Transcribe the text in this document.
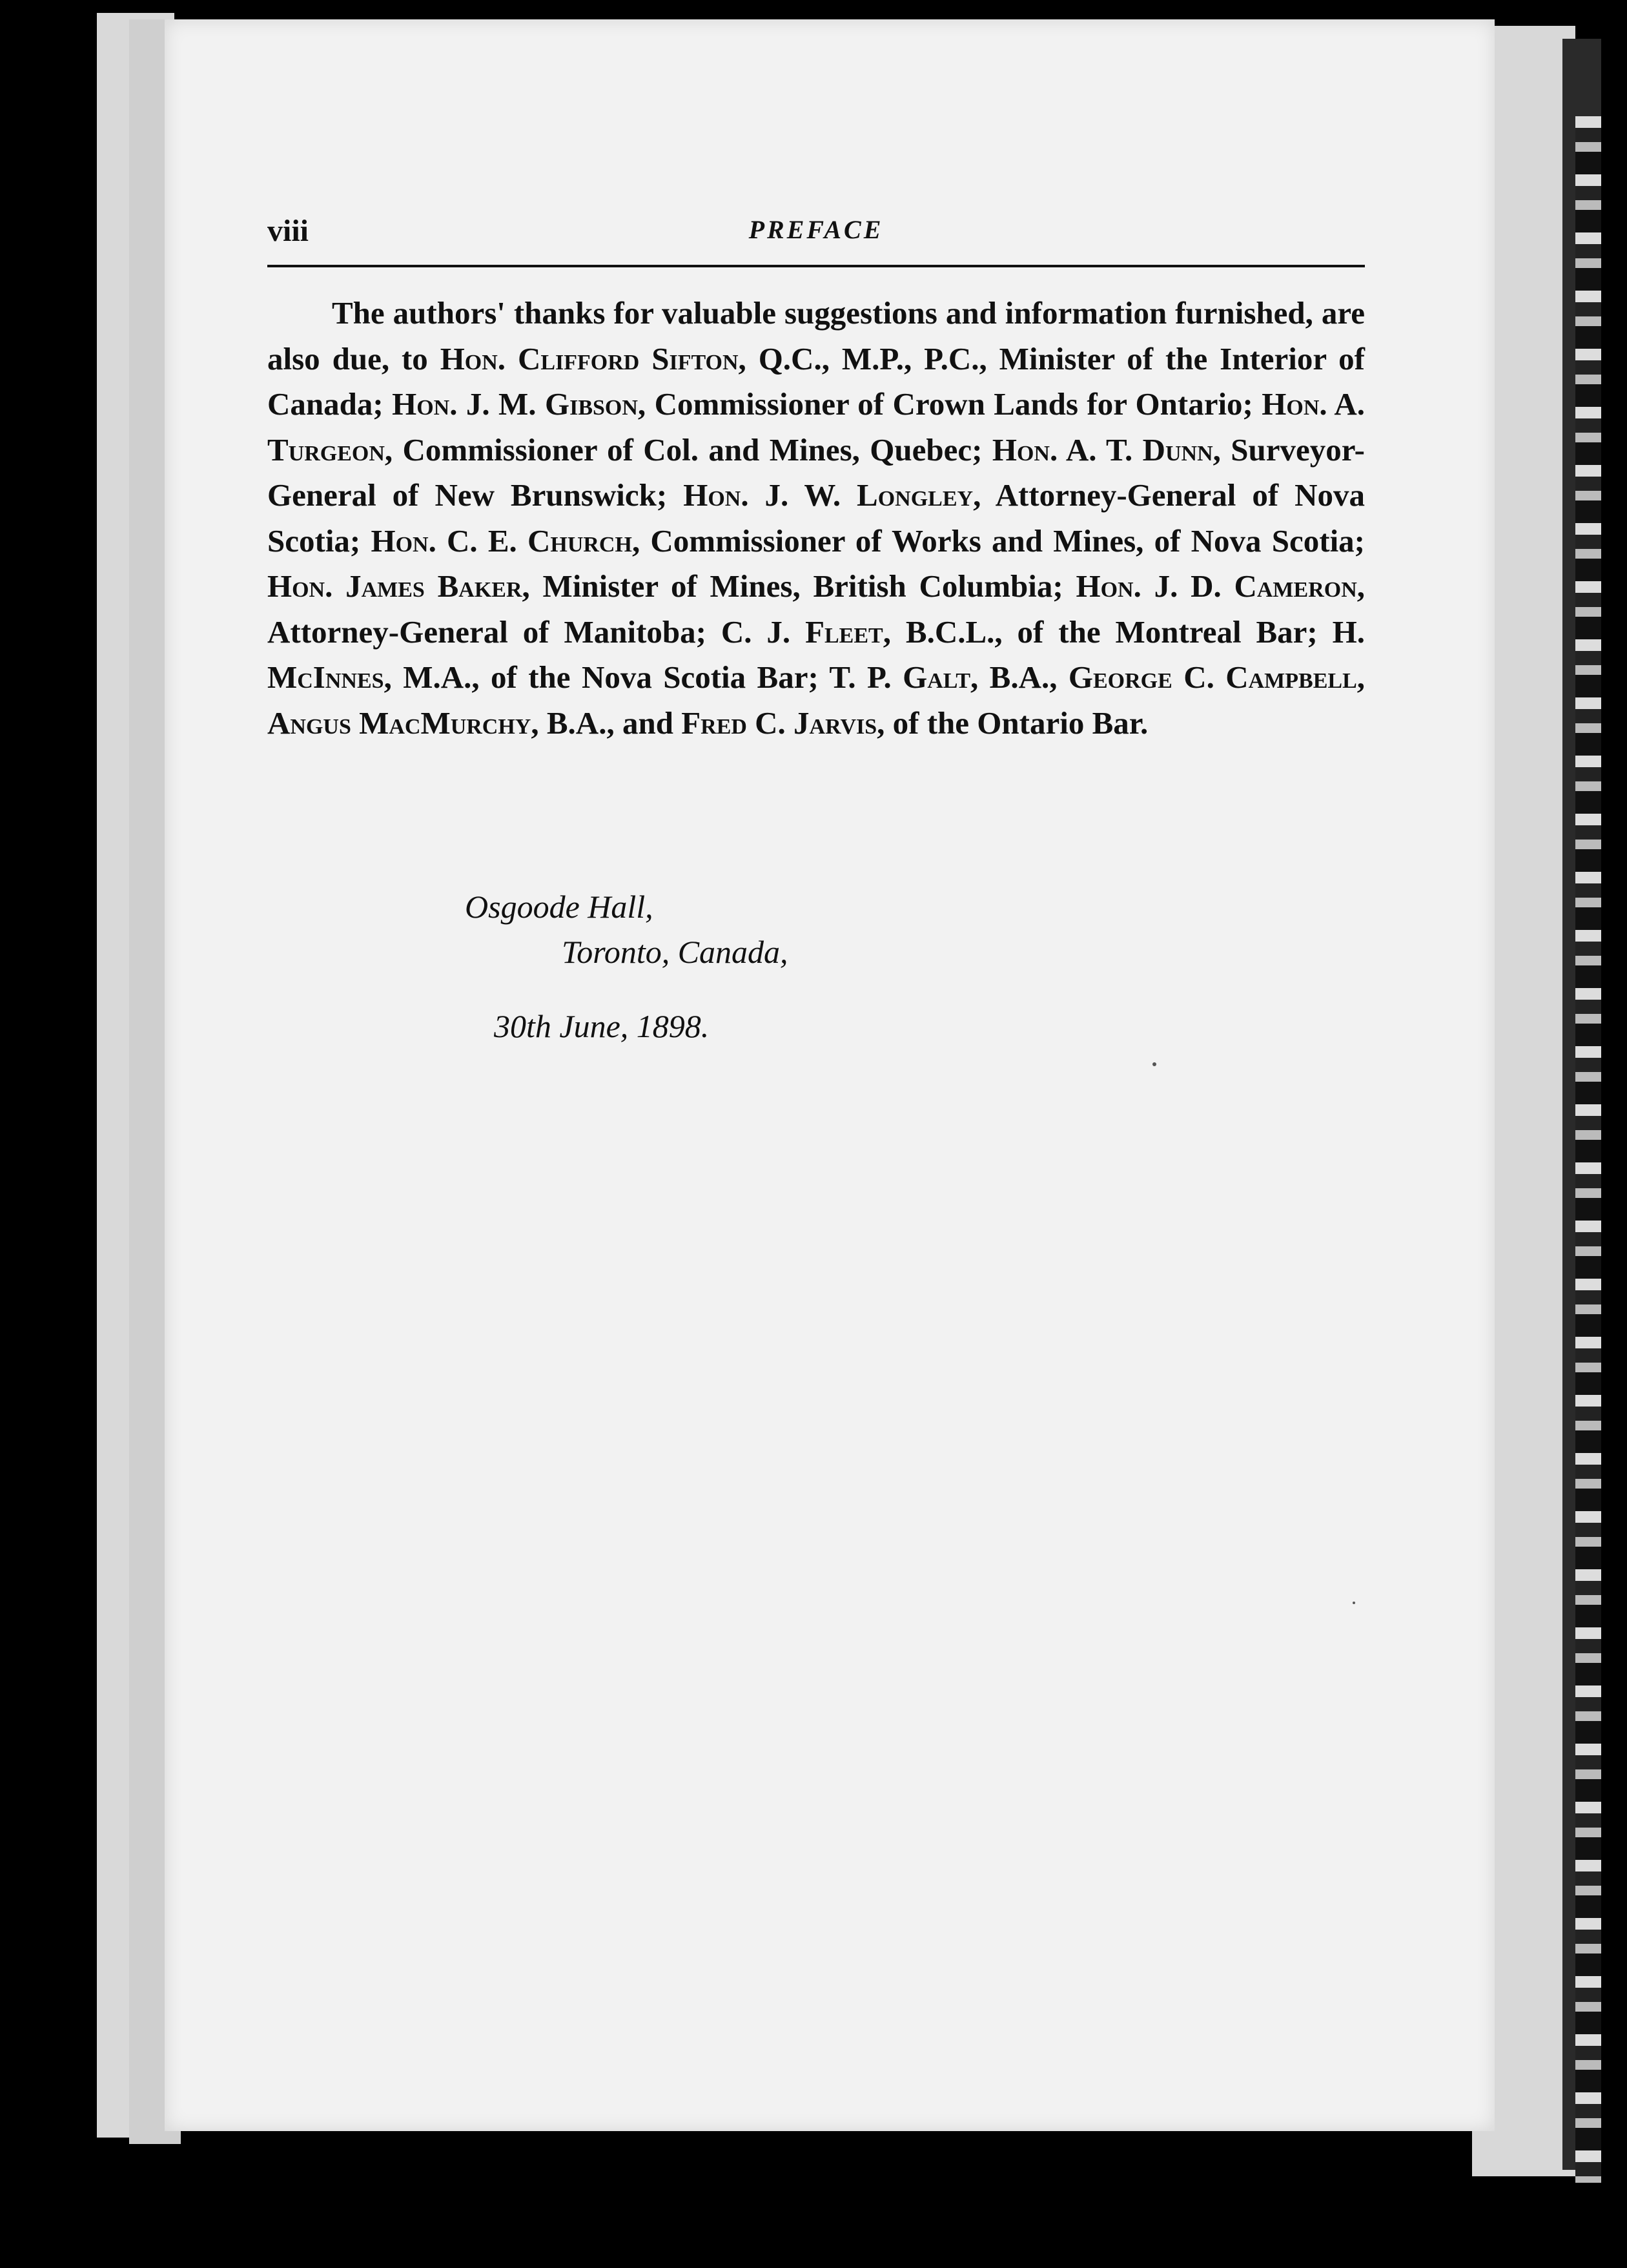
viii	PREFACE

The authors' thanks for valuable suggestions and information furnished, are also due, to Hon. Clifford Sifton, Q.C., M.P., P.C., Minister of the Interior of Canada; Hon. J. M. Gibson, Commissioner of Crown Lands for Ontario; Hon. A. Turgeon, Commissioner of Col. and Mines, Quebec; Hon. A. T. Dunn, Surveyor-General of New Brunswick; Hon. J. W. Longley, Attorney-General of Nova Scotia; Hon. C. E. Church, Commissioner of Works and Mines, of Nova Scotia; Hon. James Baker, Minister of Mines, British Columbia; Hon. J. D. Cameron, Attorney-General of Manitoba; C. J. Fleet, B.C.L., of the Montreal Bar; H. McInnes, M.A., of the Nova Scotia Bar; T. P. Galt, B.A., George C. Campbell, Angus MacMurchy, B.A., and Fred C. Jarvis, of the Ontario Bar.

Osgoode Hall,
Toronto, Canada,
30th June, 1898.
